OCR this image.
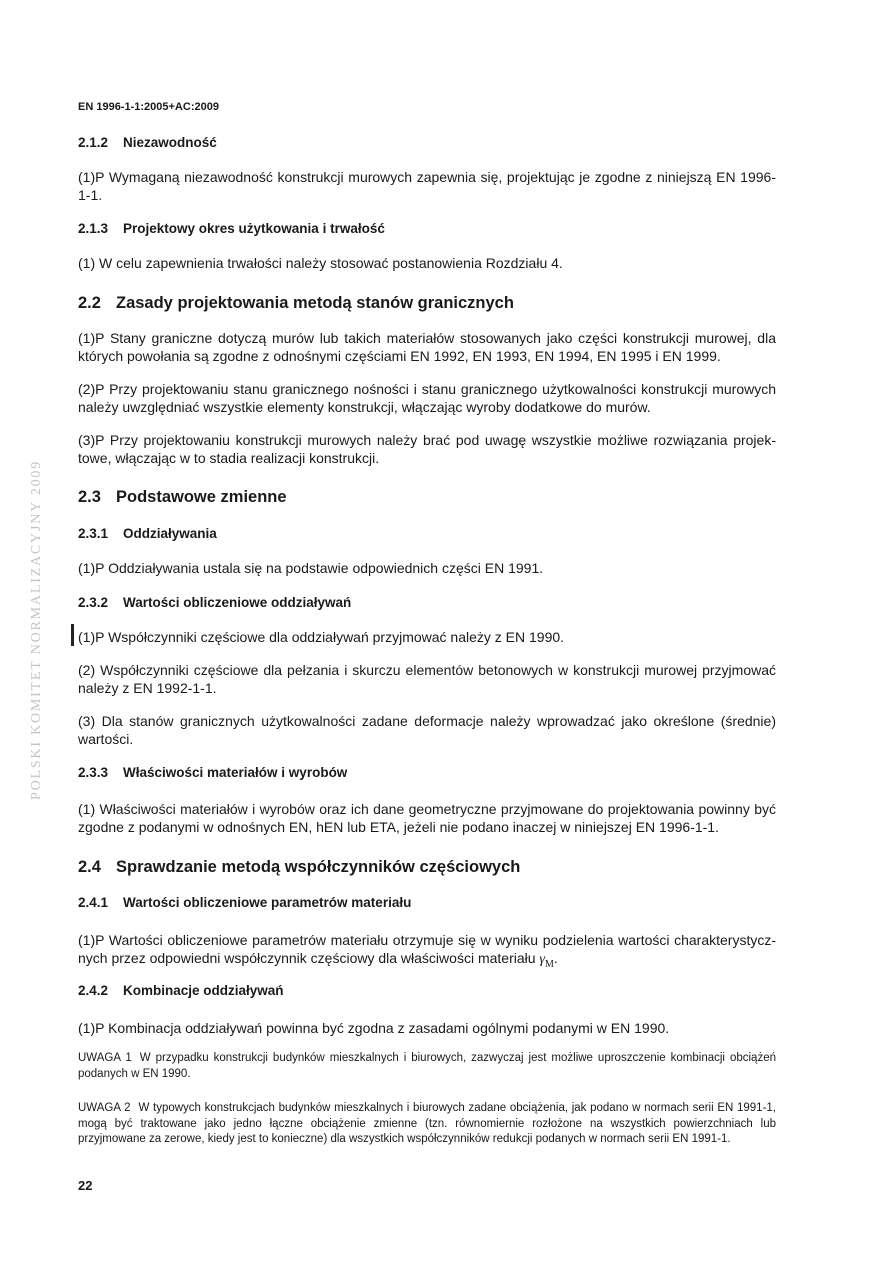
POLSKI KOMITET NORMALIZACYJNY 2009
EN 1996-1-1:2005+AC:2009
2.1.2 Niezawodność
(1)P Wymaganą niezawodność konstrukcji murowych zapewnia się, projektując je zgodne z niniejszą EN 1996-1-1.
2.1.3 Projektowy okres użytkowania i trwałość
(1) W celu zapewnienia trwałości należy stosować postanowienia Rozdziału 4.
2.2 Zasady projektowania metodą stanów granicznych
(1)P Stany graniczne dotyczą murów lub takich materiałów stosowanych jako części konstrukcji murowej, dla których powołania są zgodne z odnośnymi częściami EN 1992, EN 1993, EN 1994, EN 1995 i EN 1999.
(2)P Przy projektowaniu stanu granicznego nośności i stanu granicznego użytkowalności konstrukcji murowych należy uwzględniać wszystkie elementy konstrukcji, włączając wyroby dodatkowe do murów.
(3)P Przy projektowaniu konstrukcji murowych należy brać pod uwagę wszystkie możliwe rozwiązania projek- towe, włączając w to stadia realizacji konstrukcji.
2.3 Podstawowe zmienne
2.3.1 Oddziaływania
(1)P Oddziaływania ustala się na podstawie odpowiednich części EN 1991.
2.3.2 Wartości obliczeniowe oddziaływań
(1)P Współczynniki częściowe dla oddziaływań przyjmować należy z EN 1990.
(2) Współczynniki częściowe dla pełzania i skurczu elementów betonowych w konstrukcji murowej przyjmować należy z EN 1992-1-1.
(3) Dla stanów granicznych użytkowalności zadane deformacje należy wprowadzać jako określone (średnie) wartości.
2.3.3 Właściwości materiałów i wyrobów
(1) Właściwości materiałów i wyrobów oraz ich dane geometryczne przyjmowane do projektowania powinny być zgodne z podanymi w odnośnych EN, hEN lub ETA, jeżeli nie podano inaczej w niniejszej EN 1996-1-1.
2.4 Sprawdzanie metodą współczynników częściowych
2.4.1 Wartości obliczeniowe parametrów materiału
(1)P Wartości obliczeniowe parametrów materiału otrzymuje się w wyniku podzielenia wartości charakterystycz- nych przez odpowiedni współczynnik częściowy dla właściwości materiału $\gamma_M$.
2.4.2 Kombinacje oddziaływań
(1)P Kombinacja oddziaływań powinna być zgodna z zasadami ogólnymi podanymi w EN 1990.
UWAGA 1 W przypadku konstrukcji budynków mieszkalnych i biurowych, zazwyczaj jest możliwe uproszczenie kombinacji obciążeń podanych w EN 1990.
UWAGA 2 W typowych konstrukcjach budynków mieszkalnych i biurowych zadane obciążenia, jak podano w normach serii EN 1991-1, mogą być traktowane jako jedno łączne obciążenie zmienne (tzn. równomiernie rozłożone na wszystkich powierzchniach lub przyjmowane za zerowe, kiedy jest to konieczne) dla wszystkich współczynników redukcji podanych w normach serii EN 1991-1.
22
